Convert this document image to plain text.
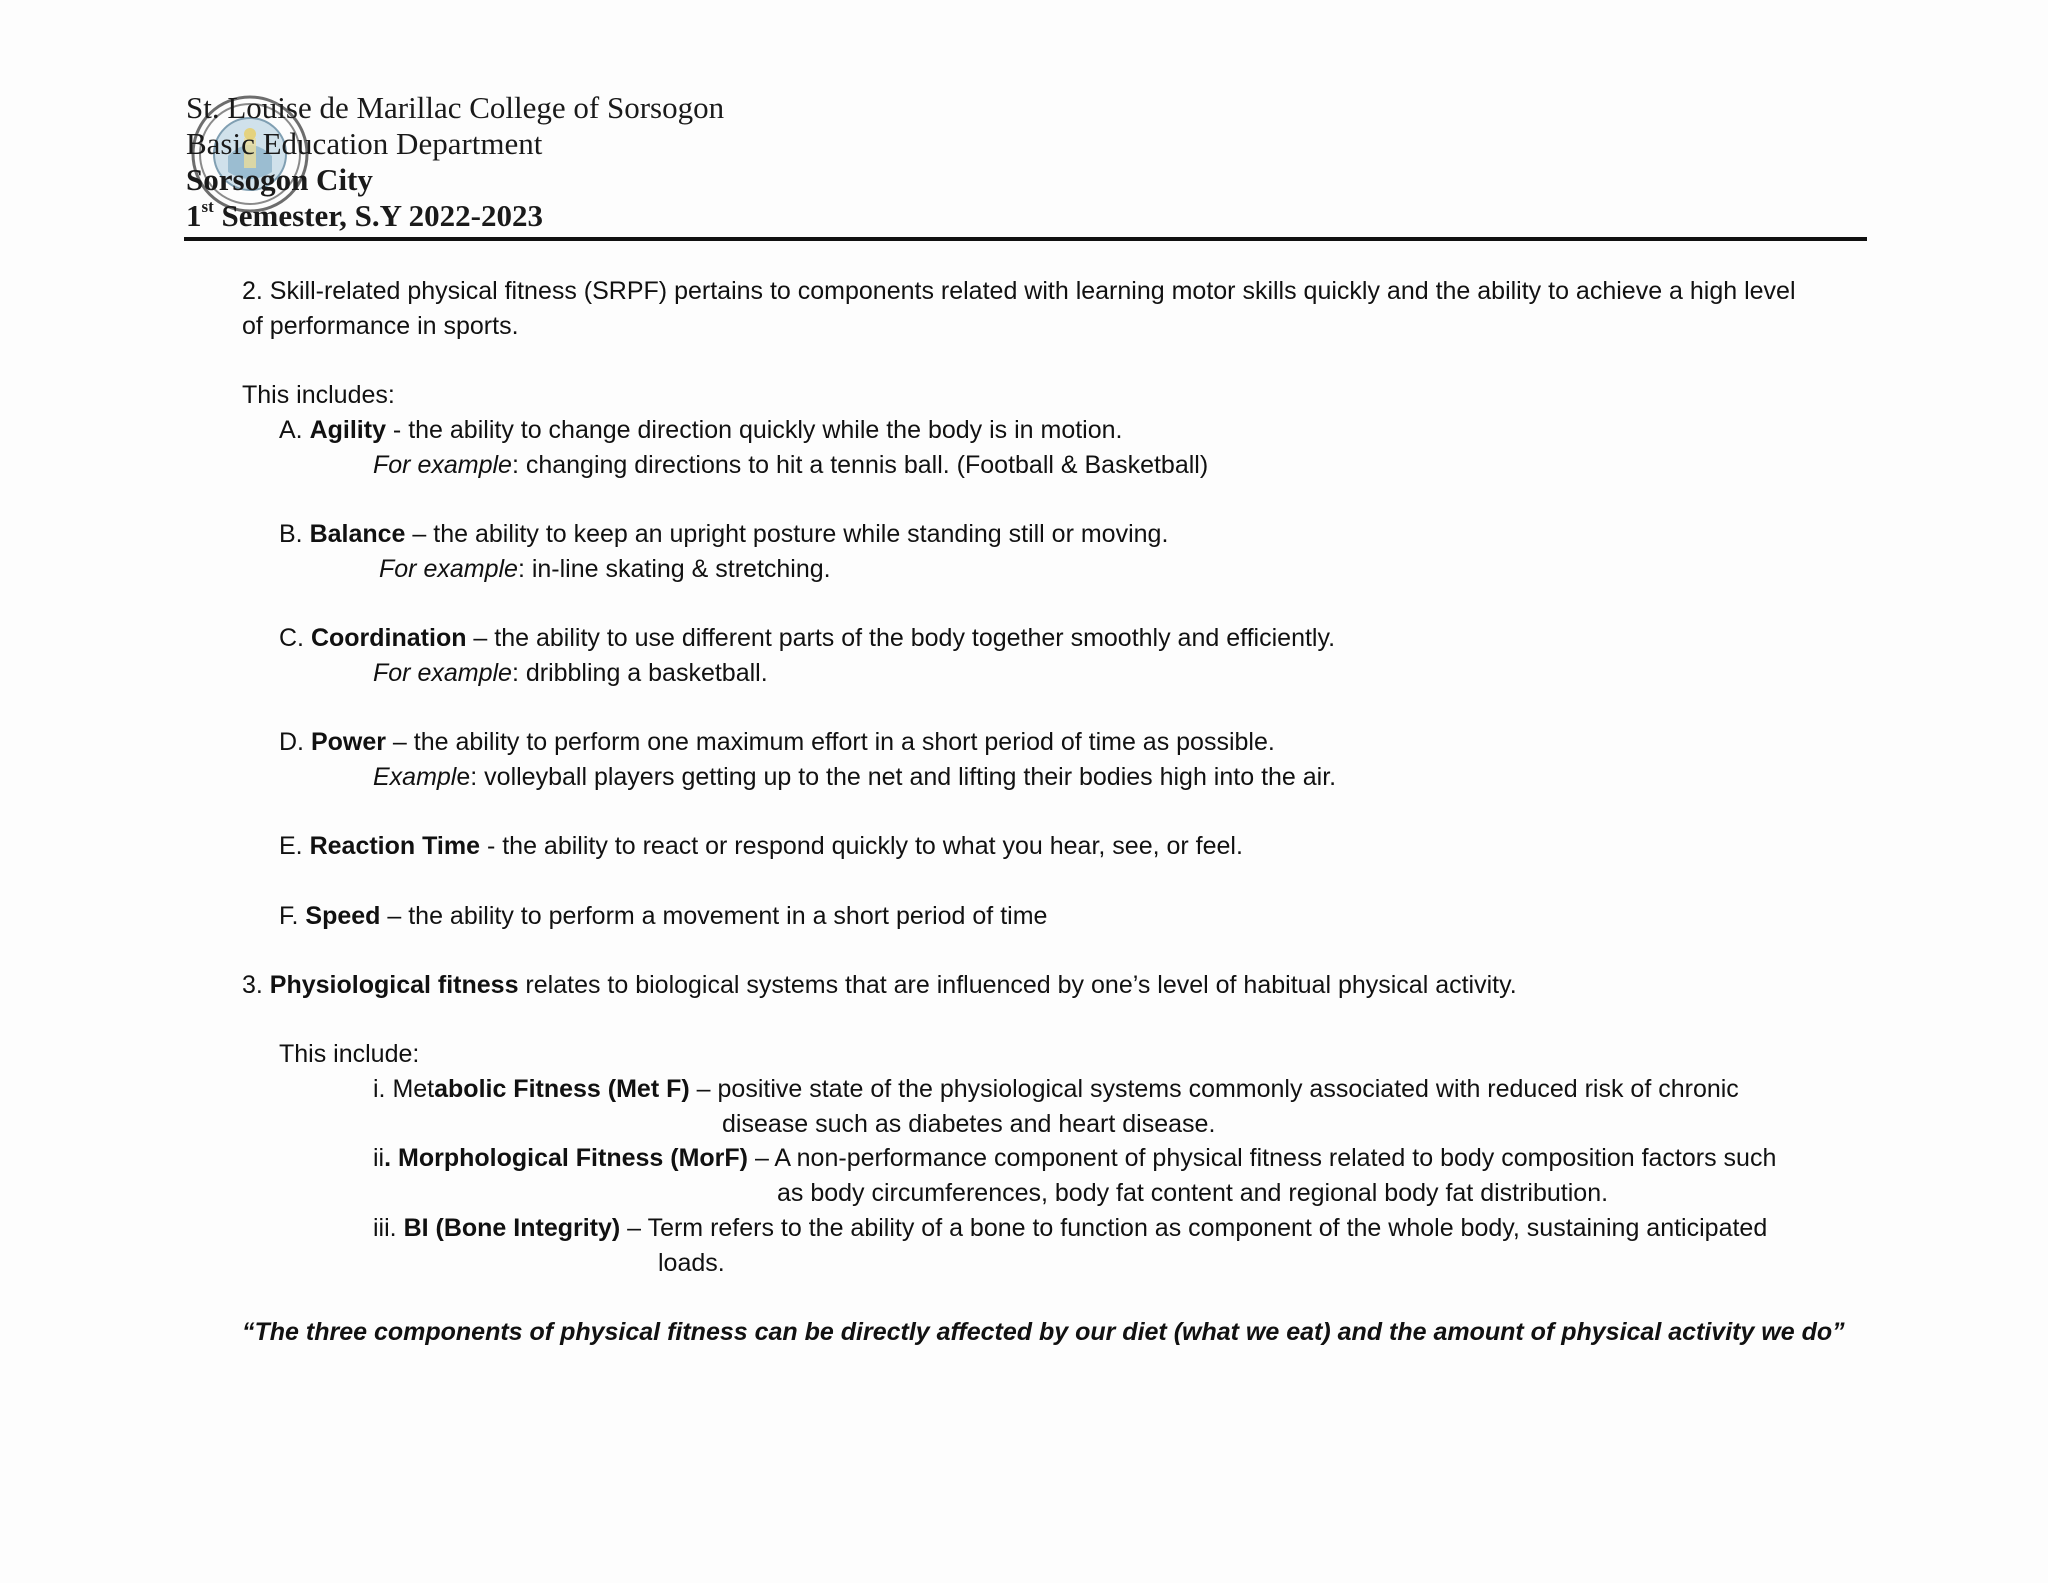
St. Louise de Marillac College of Sorsogon
Basic Education Department
Sorsogon City
1st Semester, S.Y 2022-2023
2. Skill-related physical fitness (SRPF) pertains to components related with learning motor skills quickly and the ability to achieve a high level
of performance in sports.
This includes:
A. Agility - the ability to change direction quickly while the body is in motion.
For example: changing directions to hit a tennis ball. (Football & Basketball)
B. Balance – the ability to keep an upright posture while standing still or moving.
For example: in-line skating & stretching.
C. Coordination – the ability to use different parts of the body together smoothly and efficiently.
For example: dribbling a basketball.
D. Power – the ability to perform one maximum effort in a short period of time as possible.
Example: volleyball players getting up to the net and lifting their bodies high into the air.
E. Reaction Time - the ability to react or respond quickly to what you hear, see, or feel.
F. Speed – the ability to perform a movement in a short period of time
3. Physiological fitness relates to biological systems that are influenced by one’s level of habitual physical activity.
This include:
i. Metabolic Fitness (Met F) – positive state of the physiological systems commonly associated with reduced risk of chronic
disease such as diabetes and heart disease.
ii. Morphological Fitness (MorF) – A non-performance component of physical fitness related to body composition factors such
as body circumferences, body fat content and regional body fat distribution.
iii. BI (Bone Integrity) – Term refers to the ability of a bone to function as component of the whole body, sustaining anticipated
loads.
“The three components of physical fitness can be directly affected by our diet (what we eat) and the amount of physical activity we do”
